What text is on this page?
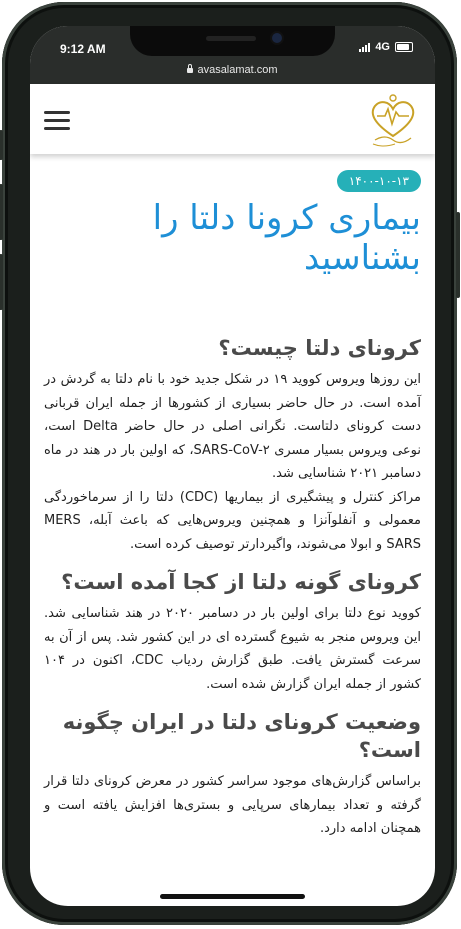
9:12 AM	4G
avasalamat.com
۱۴۰۰-۱۰-۱۳
بیماری کرونا دلتا را بشناسید
کرونای دلتا چیست؟

این روزها ویروس کووید ۱۹ در شکل جدید خود با نام دلتا به گردش در آمده است. در حال حاضر بسیاری از کشورها از جمله ایران قربانی دست کرونای دلتاست. نگرانی اصلی در حال حاضر Delta است، نوعی ویروس بسیار مسری SARS-CoV-۲، که اولین بار در هند در ماه دسامبر ۲۰۲۱ شناسایی شد.

مراکز کنترل و پیشگیری از بیماریها (CDC) دلتا را از سرماخوردگی معمولی و آنفلوآنزا و همچنین ویروس‌هایی که باعث آبله، MERS SARS و ابولا می‌شوند، واگیردارتر توصیف کرده است.

کرونای گونه دلتا از کجا آمده است؟

کووید نوع دلتا برای اولین بار در دسامبر ۲۰۲۰ در هند شناسایی شد. این ویروس منجر به شیوع گسترده ای در این کشور شد. پس از آن به سرعت گسترش یافت. طبق گزارش ردیاب CDC، اکنون در ۱۰۴ کشور از جمله ایران گزارش شده است.

وضعیت کرونای دلتا در ایران چگونه است؟

براساس گزارش‌های موجود سراسر کشور در معرض کرونای دلتا قرار گرفته و تعداد بیمارهای سرپایی و بستری‌ها افزایش یافته است و همچنان ادامه دارد.
